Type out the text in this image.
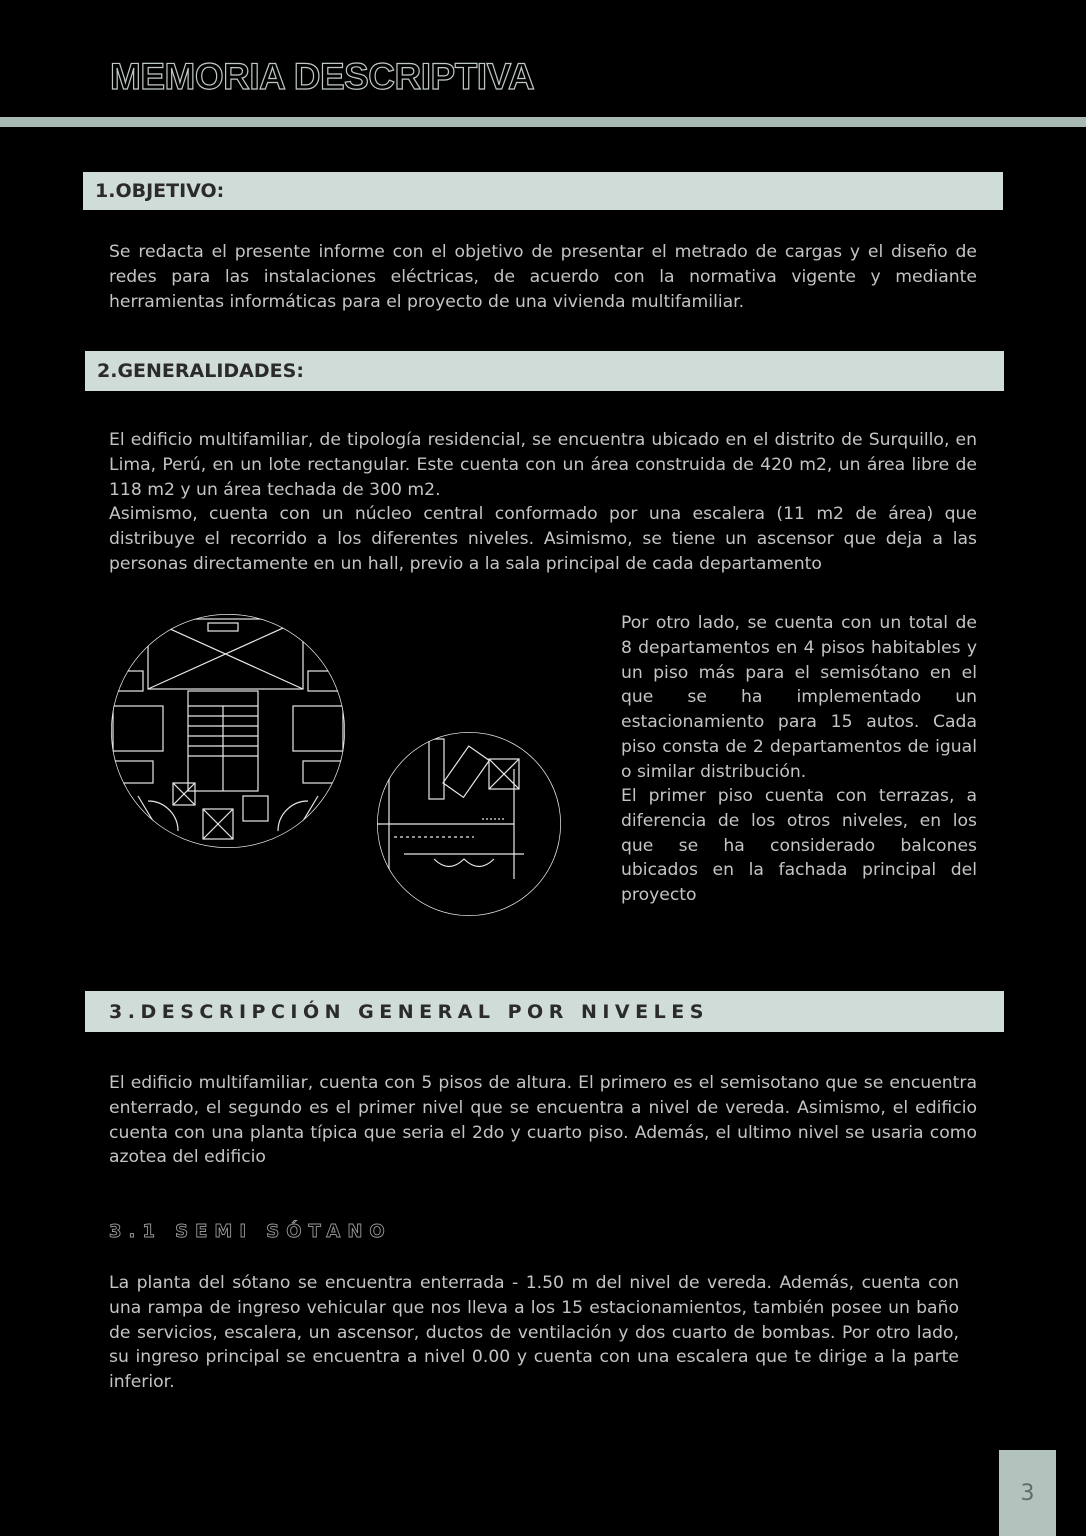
MEMORIA DESCRIPTIVA
1.OBJETIVO:

Se redacta el presente informe con el objetivo de presentar el metrado de cargas y el diseño de redes para las instalaciones eléctricas, de acuerdo con la normativa vigente y mediante herramientas informáticas para el proyecto de una vivienda multifamiliar.

2.GENERALIDADES:

El edificio multifamiliar, de tipología residencial, se encuentra ubicado en el distrito de Surquillo, en Lima, Perú, en un lote rectangular. Este cuenta con un área construida de 420 m2, un área libre de 118 m2 y un área techada de 300 m2.

Asimismo, cuenta con un núcleo central conformado por una escalera (11 m2 de área) que distribuye el recorrido a los diferentes niveles. Asimismo, se tiene un ascensor que deja a las personas directamente en un hall, previo a la sala principal de cada departamento

Por otro lado, se cuenta con un total de 8 departamentos en 4 pisos habitables y un piso más para el semisótano en el que se ha implementado un estacionamiento para 15 autos. Cada piso consta de 2 departamentos de igual o similar distribución.

El primer piso cuenta con terrazas, a diferencia de los otros niveles, en los que se ha considerado balcones ubicados en la fachada principal del proyecto

3.DESCRIPCIÓN GENERAL POR NIVELES

El edificio multifamiliar, cuenta con 5 pisos de altura. El primero es el semisotano que se encuentra enterrado, el segundo es el primer nivel que se encuentra a nivel de vereda. Asimismo, el edificio cuenta con una planta típica que seria el 2do y cuarto piso. Además, el ultimo nivel se usaria como azotea del edificio

3.1 SEMI SÓTANO

La planta del sótano se encuentra enterrada - 1.50 m del nivel de vereda. Además, cuenta con una rampa de ingreso vehicular que nos lleva a los 15 estacionamientos, también posee un baño de servicios, escalera, un ascensor, ductos de ventilación y dos cuarto de bombas. Por otro lado, su ingreso principal se encuentra a nivel 0.00 y cuenta con una escalera que te dirige a la parte inferior.

3
